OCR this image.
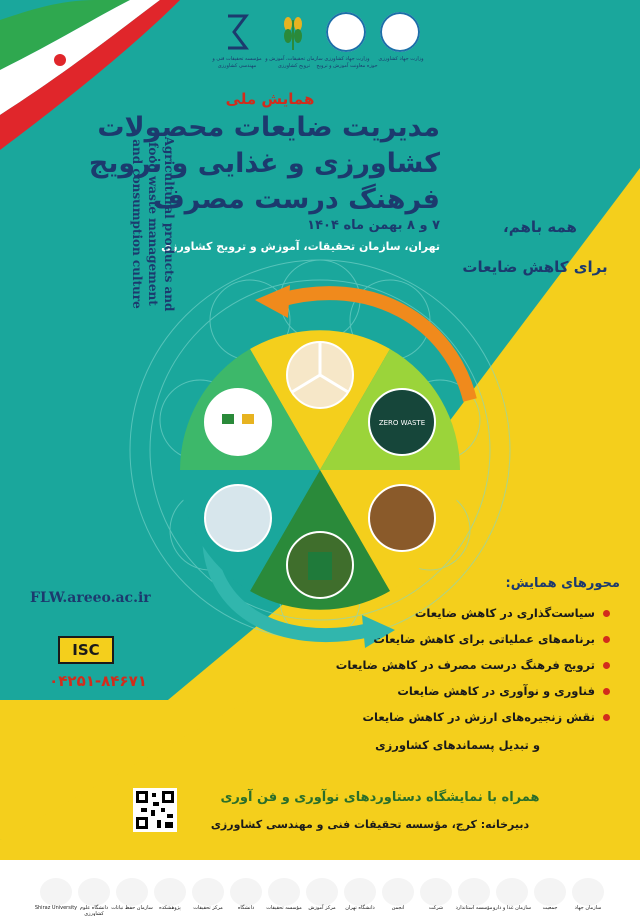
وزارت جهاد کشاورزی
وزارت جهاد کشاورزی
حوزه معاونت آموزش و ترویج
سازمان تحقیقات، آموزش و
ترویج کشاورزی
مؤسسه تحقیقات فنی و
مهندسی کشاورزی
همایش ملی
مدیریت ضایعات محصولات
کشاورزی و غذایی و ترویج
فرهنگ درست مصرف
۷ و ۸ بهمن ماه ۱۴۰۴
تهران، سازمان تحقیقات، آموزش و ترویج کشاورزی
Agricultural products and
food waste management
and consumption culture	همه باهم،
برای کاهش ضایعات
ZERO WASTE
FLW.areeo.ac.ir
ISC
۰۴۲۵۱-۸۴۶۷۱
محورهای همایش:
سیاست‌گذاری در کاهش ضایعات
برنامه‌های عملیاتی برای کاهش ضایعات
ترویج فرهنگ درست مصرف در کاهش ضایعات
فناوری و نوآوری در کاهش ضایعات
نقش زنجیره‌های ارزش در کاهش ضایعات
و تبدیل پسماندهای کشاورزی
همراه با نمایشگاه دستاوردهای نوآوری و فن آوری
دبیرخانه: کرج، مؤسسه تحقیقات فنی و مهندسی کشاورزی
Shiraz University دانشگاه علوم کشاورزی
سازمان حفظ نباتات	پژوهشکده	مرکز تحقیقات	دانشگاه	مؤسسه تحقیقات	مرکز آموزش	دانشگاه تهران	انجمن	شرکت	مؤسسه استاندارد سازمان غذا و دارو	جمعیت	سازمان جهاد
